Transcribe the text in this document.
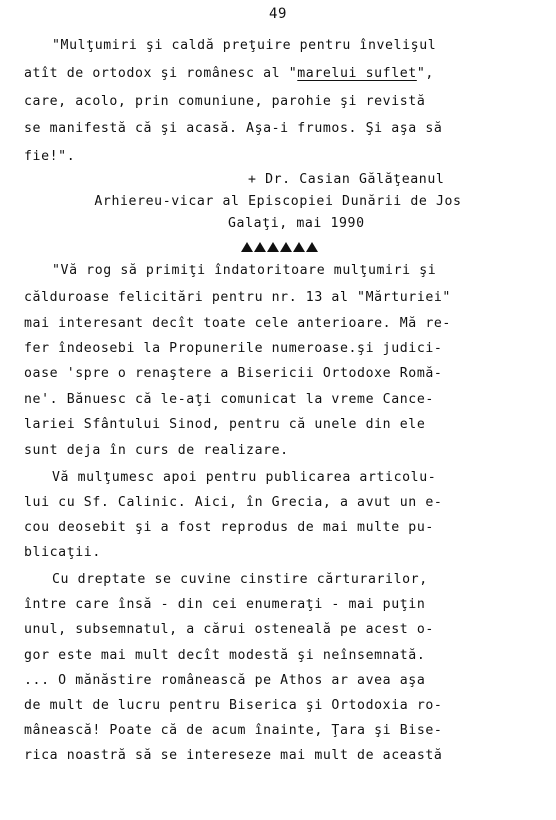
49
"Mulţumiri şi caldă preţuire pentru învelişul
atît de ortodox şi românesc al "marelui suflet",
care, acolo, prin comuniune, parohie şi revistă
se manifestă că şi acasă. Aşa-i frumos. Şi aşa să
fie!".
+ Dr. Casian Gălăţeanul
Arhiereu-vicar al Episcopiei Dunării de Jos
Galaţi, mai 1990
"Vă rog să primiţi îndatoritoare mulţumiri şi
călduroase felicitări pentru nr. 13 al "Mărturiei"
mai interesant decît toate cele anterioare. Mă re-
fer îndeosebi la Propunerile numeroase.şi judici-
oase 'spre o renaştere a Bisericii Ortodoxe Romă-
ne'. Bănuesc că le-aţi comunicat la vreme Cance-
lariei Sfântului Sinod, pentru că unele din ele
sunt deja în curs de realizare.
Vă mulţumesc apoi pentru publicarea articolu-
lui cu Sf. Calinic. Aici, în Grecia, a avut un e-
cou deosebit şi a fost reprodus de mai multe pu-
blicaţii.
Cu dreptate se cuvine cinstire cărturarilor,
între care însă - din cei enumeraţi - mai puţin
unul, subsemnatul, a cărui osteneală pe acest o-
gor este mai mult decît modestă şi neînsemnată.
... O mănăstire românească pe Athos ar avea aşa
de mult de lucru pentru Biserica şi Ortodoxia ro-
mânească! Poate că de acum înainte, Ţara şi Bise-
rica noastră să se intereseze mai mult de această
